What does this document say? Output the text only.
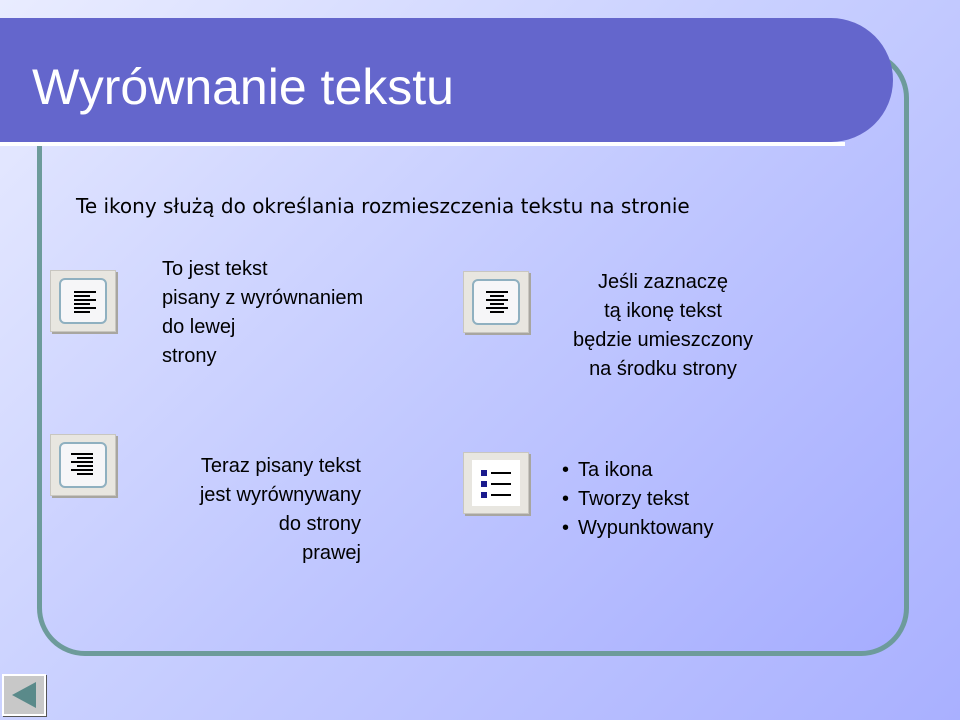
Wyrównanie tekstu

Te ikony służą do określania rozmieszczenia tekstu na stronie

To jest tekst
pisany z wyrównaniem
do lewej
strony
Jeśli zaznaczę
tą ikonę tekst
będzie umieszczony
na środku strony
Teraz pisany tekst
jest wyrównywany
do strony
prawej
• Ta ikona
• Tworzy tekst
• Wypunktowany
